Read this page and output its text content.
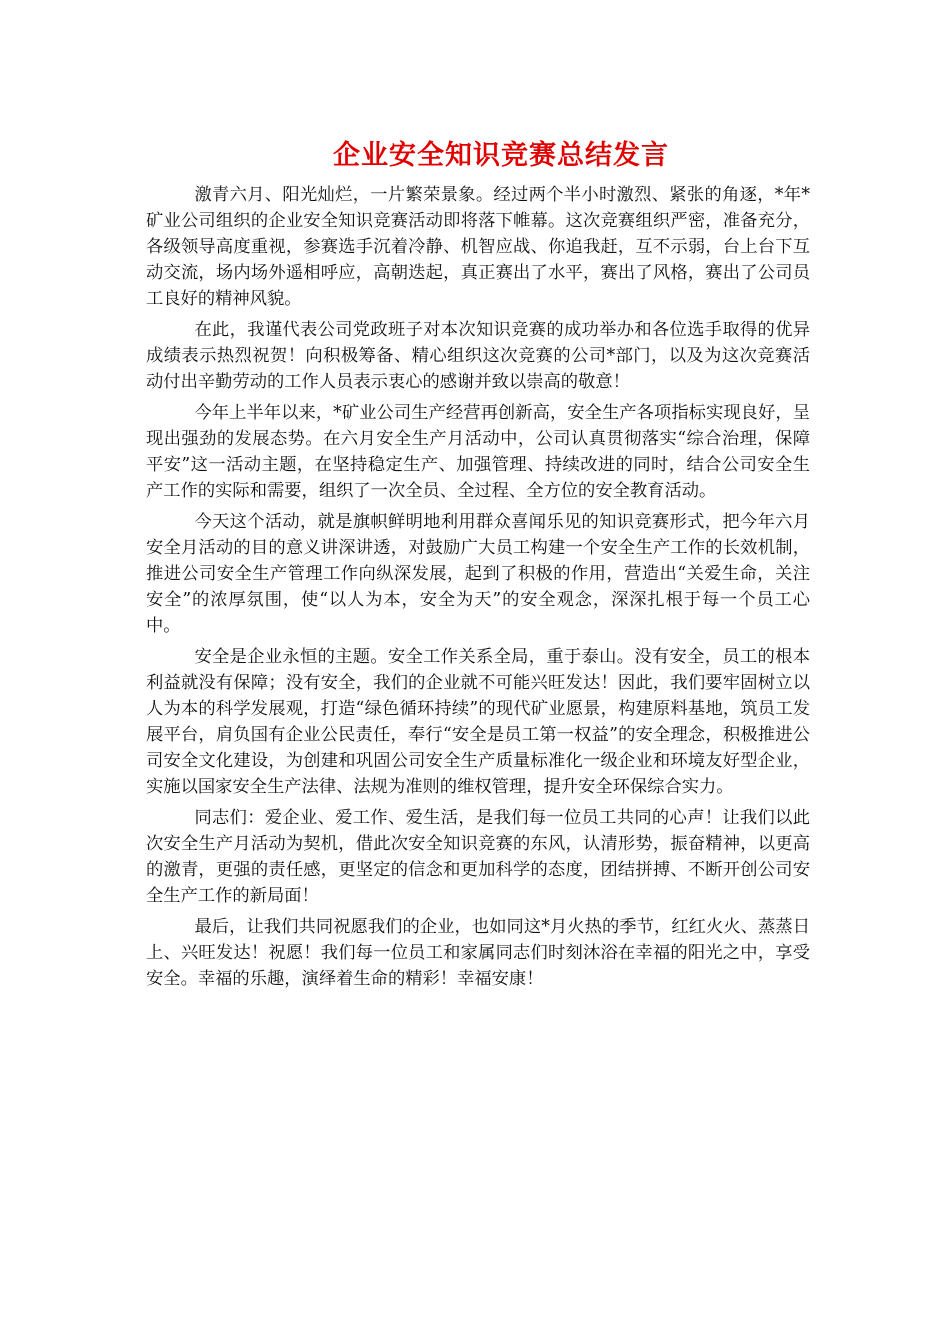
企业安全知识竞赛总结发言

激青六月、阳光灿烂，一片繁荣景象。经过两个半小时激烈、紧张的角逐，*年*矿业公司组织的企业安全知识竞赛活动即将落下帷幕。这次竞赛组织严密，准备充分，各级领导高度重视，参赛选手沉着冷静、机智应战、你追我赶，互不示弱，台上台下互动交流，场内场外遥相呼应，高朝迭起，真正赛出了水平，赛出了风格，赛出了公司员工良好的精神风貌。

在此，我谨代表公司党政班子对本次知识竞赛的成功举办和各位选手取得的优异成绩表示热烈祝贺！向积极筹备、精心组织这次竞赛的公司*部门，以及为这次竞赛活动付出辛勤劳动的工作人员表示衷心的感谢并致以崇高的敬意！

今年上半年以来，*矿业公司生产经营再创新高，安全生产各项指标实现良好，呈现出强劲的发展态势。在六月安全生产月活动中，公司认真贯彻落实“综合治理，保障平安”这一活动主题，在坚持稳定生产、加强管理、持续改进的同时，结合公司安全生产工作的实际和需要，组织了一次全员、全过程、全方位的安全教育活动。

今天这个活动，就是旗帜鲜明地利用群众喜闻乐见的知识竞赛形式，把今年六月安全月活动的目的意义讲深讲透，对鼓励广大员工构建一个安全生产工作的长效机制，推进公司安全生产管理工作向纵深发展，起到了积极的作用，营造出“关爱生命，关注安全”的浓厚氛围，使“以人为本，安全为天”的安全观念，深深扎根于每一个员工心中。

安全是企业永恒的主题。安全工作关系全局，重于泰山。没有安全，员工的根本利益就没有保障；没有安全，我们的企业就不可能兴旺发达！因此，我们要牢固树立以人为本的科学发展观，打造“绿色循环持续”的现代矿业愿景，构建原料基地，筑员工发展平台，肩负国有企业公民责任，奉行“安全是员工第一权益”的安全理念，积极推进公司安全文化建设，为创建和巩固公司安全生产质量标准化一级企业和环境友好型企业，实施以国家安全生产法律、法规为准则的维权管理，提升安全环保综合实力。

同志们：爱企业、爱工作、爱生活，是我们每一位员工共同的心声！让我们以此次安全生产月活动为契机，借此次安全知识竞赛的东风，认清形势，振奋精神，以更高的激青，更强的责任感，更坚定的信念和更加科学的态度，团结拼搏、不断开创公司安全生产工作的新局面！

最后，让我们共同祝愿我们的企业，也如同这*月火热的季节，红红火火、蒸蒸日上、兴旺发达！祝愿！我们每一位员工和家属同志们时刻沐浴在幸福的阳光之中，享受安全。幸福的乐趣，演绎着生命的精彩！幸福安康！
